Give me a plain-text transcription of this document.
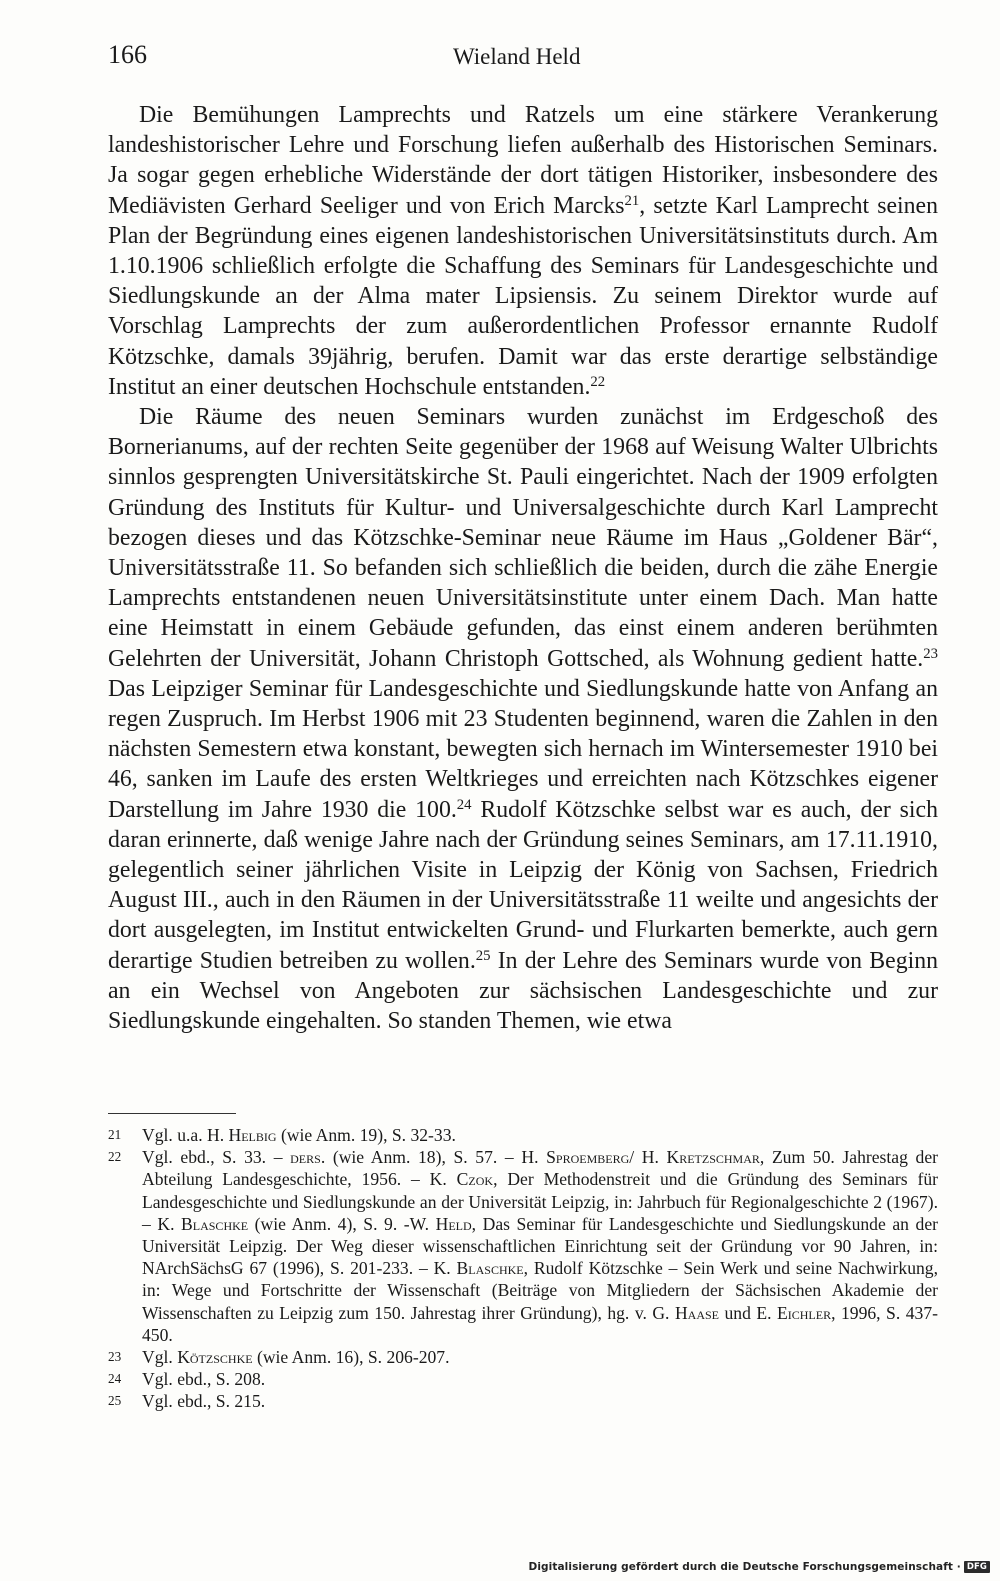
166	Wieland Held

Die Bemühungen Lamprechts und Ratzels um eine stärkere Verankerung landeshistorischer Lehre und Forschung liefen außerhalb des Historischen Seminars. Ja sogar gegen erhebliche Widerstände der dort tätigen Historiker, insbesondere des Mediävisten Gerhard Seeliger und von Erich Marcks$^{21}$, setzte Karl Lamprecht seinen Plan der Begründung eines eigenen landeshistorischen Universitätsinstituts durch. Am 1.10.1906 schließlich erfolgte die Schaffung des Seminars für Landesgeschichte und Siedlungskunde an der Alma mater Lipsiensis. Zu seinem Direktor wurde auf Vorschlag Lamprechts der zum außerordentlichen Professor ernannte Rudolf Kötzschke, damals 39jährig, berufen. Damit war das erste derartige selbständige Institut an einer deutschen Hochschule entstanden.$^{22}$

Die Räume des neuen Seminars wurden zunächst im Erdgeschoß des Bornerianums, auf der rechten Seite gegenüber der 1968 auf Weisung Walter Ulbrichts sinnlos gesprengten Universitätskirche St. Pauli eingerichtet. Nach der 1909 erfolgten Gründung des Instituts für Kultur- und Universalgeschichte durch Karl Lamprecht bezogen dieses und das Kötzschke-Seminar neue Räume im Haus „Goldener Bär“, Universitätsstraße 11. So befanden sich schließlich die beiden, durch die zähe Energie Lamprechts entstandenen neuen Universitätsinstitute unter einem Dach. Man hatte eine Heimstatt in einem Gebäude gefunden, das einst einem anderen berühmten Gelehrten der Universität, Johann Christoph Gottsched, als Wohnung gedient hatte.$^{23}$ Das Leipziger Seminar für Landesgeschichte und Siedlungskunde hatte von Anfang an regen Zuspruch. Im Herbst 1906 mit 23 Studenten beginnend, waren die Zahlen in den nächsten Semestern etwa konstant, bewegten sich hernach im Wintersemester 1910 bei 46, sanken im Laufe des ersten Weltkrieges und erreichten nach Kötzschkes eigener Darstellung im Jahre 1930 die 100.24 Rudolf Kötzschke selbst war es auch, der sich daran erinnerte, daß wenige Jahre nach der Gründung seines Seminars, am 17.11.1910, gelegentlich seiner jährlichen Visite in Leipzig der König von Sachsen, Friedrich August III., auch in den Räumen in der Universitätsstraße 11 weilte und angesichts der dort ausgelegten, im Institut entwickelten Grund- und Flurkarten bemerkte, auch gern derartige Studien betreiben zu wollen.$^{25}$ In der Lehre des Seminars wurde von Beginn an ein Wechsel von Angeboten zur sächsischen Landesgeschichte und zur Siedlungskunde eingehalten. So standen Themen, wie etwa

21 Vgl. u.a. H. Helbig (wie Anm. 19), S. 32-33.

22 Vgl. ebd., S. 33. – ders. (wie Anm. 18), S. 57. – H. Sproemberg/ H. Kretzschmar, Zum 50. Jahrestag der Abteilung Landesgeschichte, 1956. – K. Czok, Der Methodenstreit und die Gründung des Seminars für Landesgeschichte und Siedlungskunde an der Universität Leipzig, in: Jahrbuch für Regionalgeschichte 2 (1967). – K. Blaschke (wie Anm. 4), S. 9. -W. Held, Das Seminar für Landesgeschichte und Siedlungskunde an der Universität Leipzig. Der Weg dieser wissenschaftlichen Einrichtung seit der Gründung vor 90 Jahren, in: NArchSächsG 67 (1996), S. 201-233. – K. Blaschke, Rudolf Kötzschke – Sein Werk und seine Nachwirkung, in: Wege und Fortschritte der Wissenschaft (Beiträge von Mitgliedern der Sächsischen Akademie der Wissenschaften zu Leipzig zum 150. Jahrestag ihrer Gründung), hg. v. G. Haase und E. Eichler, 1996, S. 437-450.

23 Vgl. Kötzschke (wie Anm. 16), S. 206-207.

24 Vgl. ebd., S. 208.

25 Vgl. ebd., S. 215.

Digitalisierung gefördert durch die Deutsche Forschungsgemeinschaft · DFG
